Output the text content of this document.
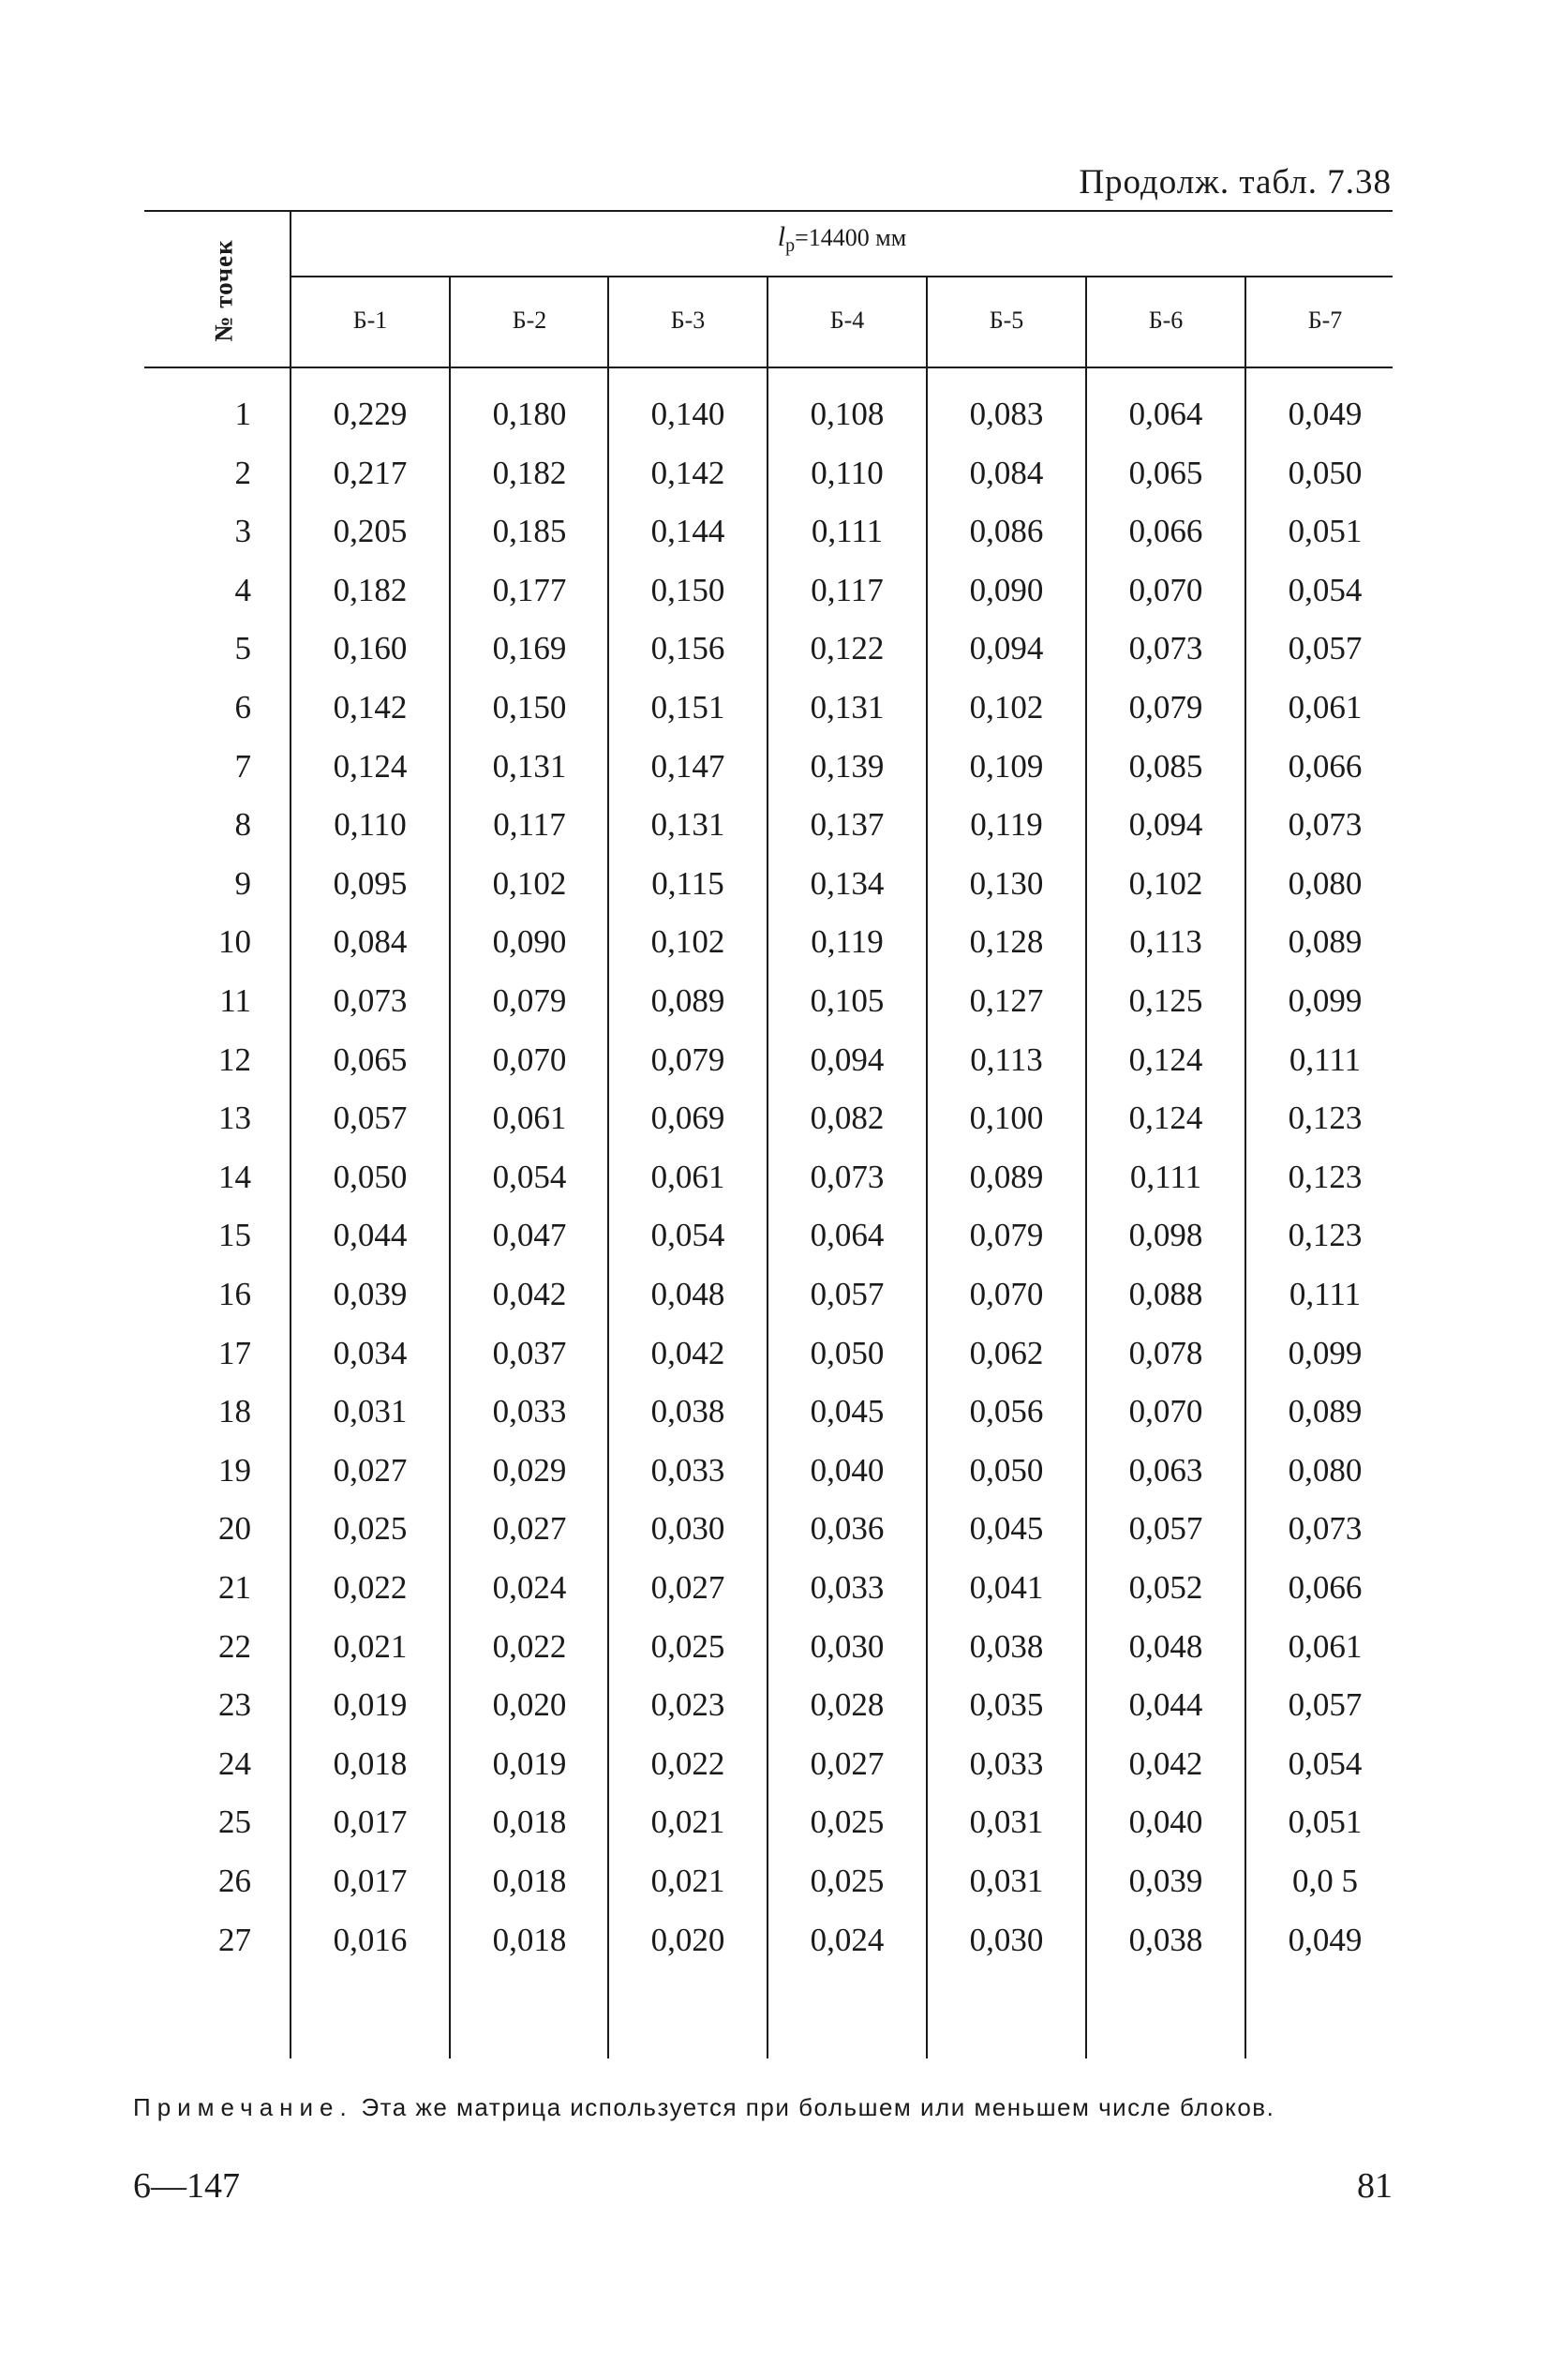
Продолж. табл. 7.38
№ точек
$l_р=14400$ мм
Б-1	Б-2	Б-3	Б-4	Б-5	Б-6	Б-7
1	0,229	0,180	0,140	0,108	0,083	0,064	0,049
2	0,217	0,182	0,142	0,110	0,084	0,065	0,050
3	0,205	0,185	0,144	0,111	0,086	0,066	0,051
4	0,182	0,177	0,150	0,117	0,090	0,070	0,054
5	0,160	0,169	0,156	0,122	0,094	0,073	0,057
6	0,142	0,150	0,151	0,131	0,102	0,079	0,061
7	0,124	0,131	0,147	0,139	0,109	0,085	0,066
8	0,110	0,117	0,131	0,137	0,119	0,094	0,073
9	0,095	0,102	0,115	0,134	0,130	0,102	0,080
10	0,084	0,090	0,102	0,119	0,128	0,113	0,089
11	0,073	0,079	0,089	0,105	0,127	0,125	0,099
12	0,065	0,070	0,079	0,094	0,113	0,124	0,111
13	0,057	0,061	0,069	0,082	0,100	0,124	0,123
14	0,050	0,054	0,061	0,073	0,089	0,111	0,123
15	0,044	0,047	0,054	0,064	0,079	0,098	0,123
16	0,039	0,042	0,048	0,057	0,070	0,088	0,111
17	0,034	0,037	0,042	0,050	0,062	0,078	0,099
18	0,031	0,033	0,038	0,045	0,056	0,070	0,089
19	0,027	0,029	0,033	0,040	0,050	0,063	0,080
20	0,025	0,027	0,030	0,036	0,045	0,057	0,073
21	0,022	0,024	0,027	0,033	0,041	0,052	0,066
22	0,021	0,022	0,025	0,030	0,038	0,048	0,061
23	0,019	0,020	0,023	0,028	0,035	0,044	0,057
24	0,018	0,019	0,022	0,027	0,033	0,042	0,054
25	0,017	0,018	0,021	0,025	0,031	0,040	0,051
26	0,017	0,018	0,021	0,025	0,031	0,039	0,0 5
27	0,016	0,018	0,020	0,024	0,030	0,038	0,049
Примечание. Эта же матрица используется при большем или меньшем числе блоков.
6—147	81
